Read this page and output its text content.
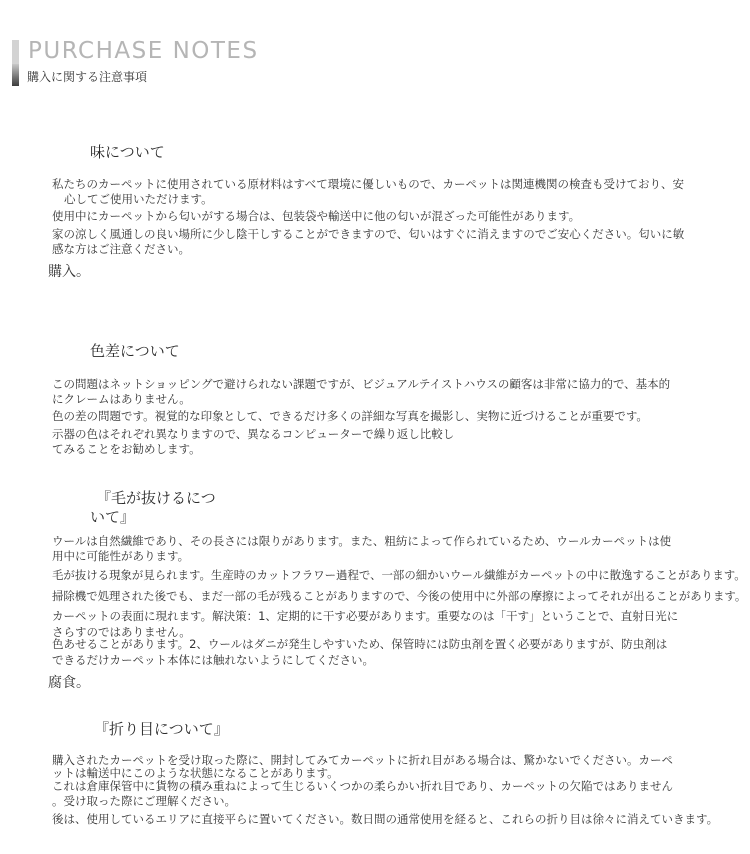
PURCHASE NOTES
購入に関する注意事項
味について
私たちのカーペットに使用されている原材料はすべて環境に優しいもので、カーペットは関連機関の検査も受けており、安
心してご使用いただけます。
使用中にカーペットから匂いがする場合は、包装袋や輸送中に他の匂いが混ざった可能性があります。
家の涼しく風通しの良い場所に少し陰干しすることができますので、匂いはすぐに消えますのでご安心ください。匂いに敏
感な方はご注意ください。
購入。
色差について
この問題はネットショッピングで避けられない課題ですが、ビジュアルテイストハウスの顧客は非常に協力的で、基本的
にクレームはありません。
色の差の問題です。視覚的な印象として、できるだけ多くの詳細な写真を撮影し、実物に近づけることが重要です。
示器の色はそれぞれ異なりますので、異なるコンピューターで繰り返し比較し
てみることをお勧めします。
『毛が抜けるにつ
いて』
ウールは自然繊維であり、その長さには限りがあります。また、粗紡によって作られているため、ウールカーペットは使
用中に可能性があります。
毛が抜ける現象が見られます。生産時のカットフラワー過程で、一部の細かいウール繊維がカーペットの中に散逸することがあります。
掃除機で処理された後でも、まだ一部の毛が残ることがありますので、今後の使用中に外部の摩擦によってそれが出ることがあります。
カーペットの表面に現れます。解決策：1、定期的に干す必要があります。重要なのは「干す」ということで、直射日光に
さらすのではありません。
色あせることがあります。2、ウールはダニが発生しやすいため、保管時には防虫剤を置く必要がありますが、防虫剤は
できるだけカーペット本体には触れないようにしてください。
腐食。
『折り目について』
購入されたカーペットを受け取った際に、開封してみてカーペットに折れ目がある場合は、驚かないでください。カーペ
ットは輸送中にこのような状態になることがあります。
これは倉庫保管中に貨物の積み重ねによって生じるいくつかの柔らかい折れ目であり、カーペットの欠陥ではありません
。受け取った際にご理解ください。
後は、使用しているエリアに直接平らに置いてください。数日間の通常使用を経ると、これらの折り目は徐々に消えていきます。
